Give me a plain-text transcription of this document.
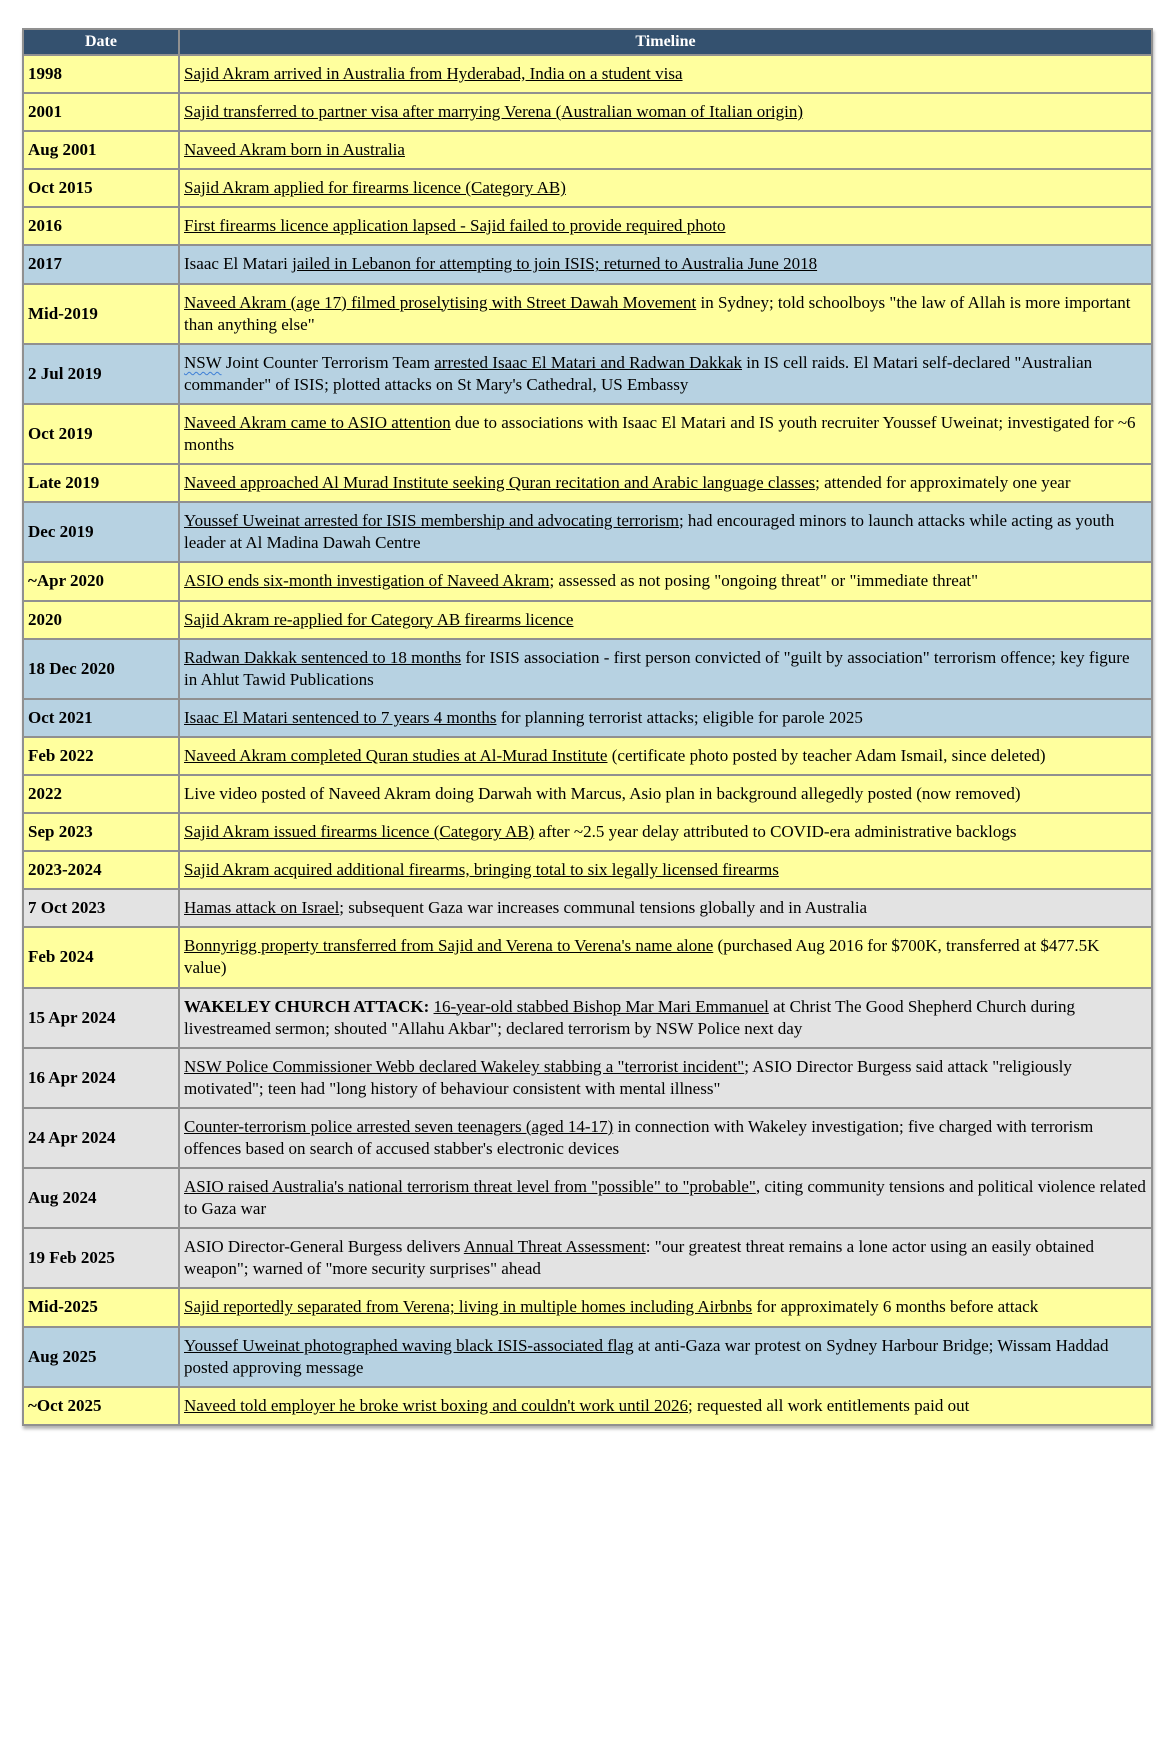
Date	Timeline
1998	Sajid Akram arrived in Australia from Hyderabad, India on a student visa
2001	Sajid transferred to partner visa after marrying Verena (Australian woman of Italian origin)
Aug 2001	Naveed Akram born in Australia
Oct 2015	Sajid Akram applied for firearms licence (Category AB)
2016	First firearms licence application lapsed - Sajid failed to provide required photo
2017	Isaac El Matari jailed in Lebanon for attempting to join ISIS; returned to Australia June 2018
Mid-2019	Naveed Akram (age 17) filmed proselytising with Street Dawah Movement in Sydney; told schoolboys "the law of Allah is more important than anything else"
2 Jul 2019	NSW Joint Counter Terrorism Team arrested Isaac El Matari and Radwan Dakkak in IS cell raids. El Matari self-declared "Australian commander" of ISIS; plotted attacks on St Mary's Cathedral, US Embassy
Oct 2019	Naveed Akram came to ASIO attention due to associations with Isaac El Matari and IS youth recruiter Youssef Uweinat; investigated for ~6 months
Late 2019	Naveed approached Al Murad Institute seeking Quran recitation and Arabic language classes; attended for approximately one year
Dec 2019	Youssef Uweinat arrested for ISIS membership and advocating terrorism; had encouraged minors to launch attacks while acting as youth leader at Al Madina Dawah Centre
~Apr 2020	ASIO ends six-month investigation of Naveed Akram; assessed as not posing "ongoing threat" or "immediate threat"
2020	Sajid Akram re-applied for Category AB firearms licence
18 Dec 2020	Radwan Dakkak sentenced to 18 months for ISIS association - first person convicted of "guilt by association" terrorism offence; key figure in Ahlut Tawid Publications
Oct 2021	Isaac El Matari sentenced to 7 years 4 months for planning terrorist attacks; eligible for parole 2025
Feb 2022	Naveed Akram completed Quran studies at Al-Murad Institute (certificate photo posted by teacher Adam Ismail, since deleted)
2022	Live video posted of Naveed Akram doing Darwah with Marcus, Asio plan in background allegedly posted (now removed)
Sep 2023	Sajid Akram issued firearms licence (Category AB) after ~2.5 year delay attributed to COVID-era administrative backlogs
2023-2024	Sajid Akram acquired additional firearms, bringing total to six legally licensed firearms
7 Oct 2023	Hamas attack on Israel; subsequent Gaza war increases communal tensions globally and in Australia
Feb 2024	Bonnyrigg property transferred from Sajid and Verena to Verena's name alone (purchased Aug 2016 for $700K, transferred at $477.5K value)
15 Apr 2024	WAKELEY CHURCH ATTACK: 16-year-old stabbed Bishop Mar Mari Emmanuel at Christ The Good Shepherd Church during livestreamed sermon; shouted "Allahu Akbar"; declared terrorism by NSW Police next day
16 Apr 2024	NSW Police Commissioner Webb declared Wakeley stabbing a "terrorist incident"; ASIO Director Burgess said attack "religiously motivated"; teen had "long history of behaviour consistent with mental illness"
24 Apr 2024	Counter-terrorism police arrested seven teenagers (aged 14-17) in connection with Wakeley investigation; five charged with terrorism offences based on search of accused stabber's electronic devices
Aug 2024	ASIO raised Australia's national terrorism threat level from "possible" to "probable", citing community tensions and political violence related to Gaza war
19 Feb 2025	ASIO Director-General Burgess delivers Annual Threat Assessment: "our greatest threat remains a lone actor using an easily obtained weapon"; warned of "more security surprises" ahead
Mid-2025	Sajid reportedly separated from Verena; living in multiple homes including Airbnbs for approximately 6 months before attack
Aug 2025	Youssef Uweinat photographed waving black ISIS-associated flag at anti-Gaza war protest on Sydney Harbour Bridge; Wissam Haddad posted approving message
~Oct 2025	Naveed told employer he broke wrist boxing and couldn't work until 2026; requested all work entitlements paid out
